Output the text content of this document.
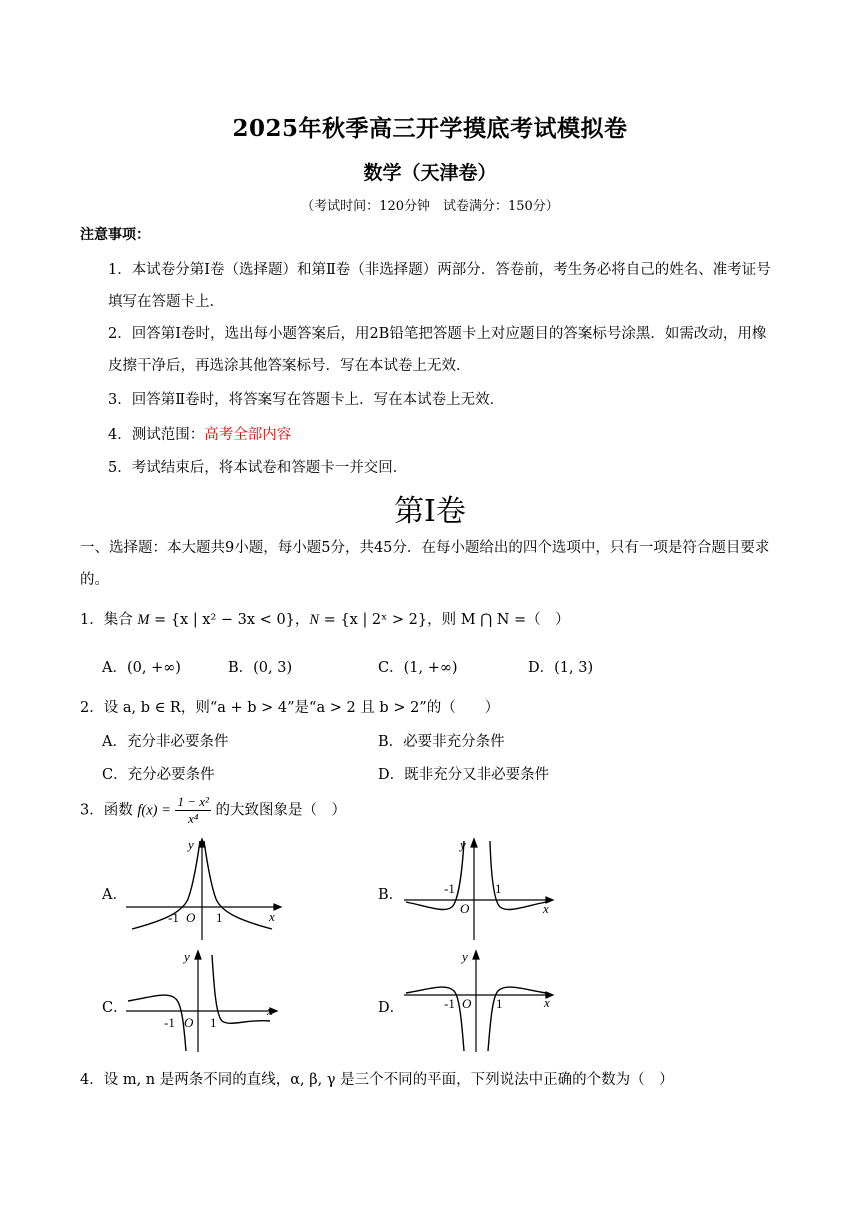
2025年秋季高三开学摸底考试模拟卷
数学（天津卷）
（考试时间：120分钟　试卷满分：150分）
注意事项：
1．本试卷分第Ⅰ卷（选择题）和第Ⅱ卷（非选择题）两部分．答卷前，考生务必将自己的姓名、准考证号填写在答题卡上．
2．回答第Ⅰ卷时，选出每小题答案后，用2B铅笔把答题卡上对应题目的答案标号涂黑．如需改动，用橡皮擦干净后，再选涂其他答案标号．写在本试卷上无效．
3．回答第Ⅱ卷时，将答案写在答题卡上．写在本试卷上无效．
4．测试范围：高考全部内容
5．考试结束后，将本试卷和答题卡一并交回．
第Ⅰ卷
一、选择题：本大题共9小题，每小题5分，共45分．在每小题给出的四个选项中，只有一项是符合题目要求的。
1．集合 M = {x | x² − 3x < 0}，N = {x | 2ˣ > 2}，则 M ⋂ N =（　）
A．(0, +∞)	B．(0, 3)	C．(1, +∞)	D．(1, 3)
2．设 a, b ∈ R，则“a + b > 4”是“a > 2 且 b > 2”的（　　）
A．充分非必要条件	B．必要非充分条件
C．充分必要条件	D．既非充分又非必要条件
3．函数 $f(x) = \frac{\text{1 − x²}}{\text{x⁴}}$ 的大致图象是（　）
A．	B．
C．	D．
y
x
-1 O 1
y
x
-1
O
1
y
x
-1 O 1
y
x
-1 O 1
4．设 m, n 是两条不同的直线，α, β, γ 是三个不同的平面，下列说法中正确的个数为（　）
